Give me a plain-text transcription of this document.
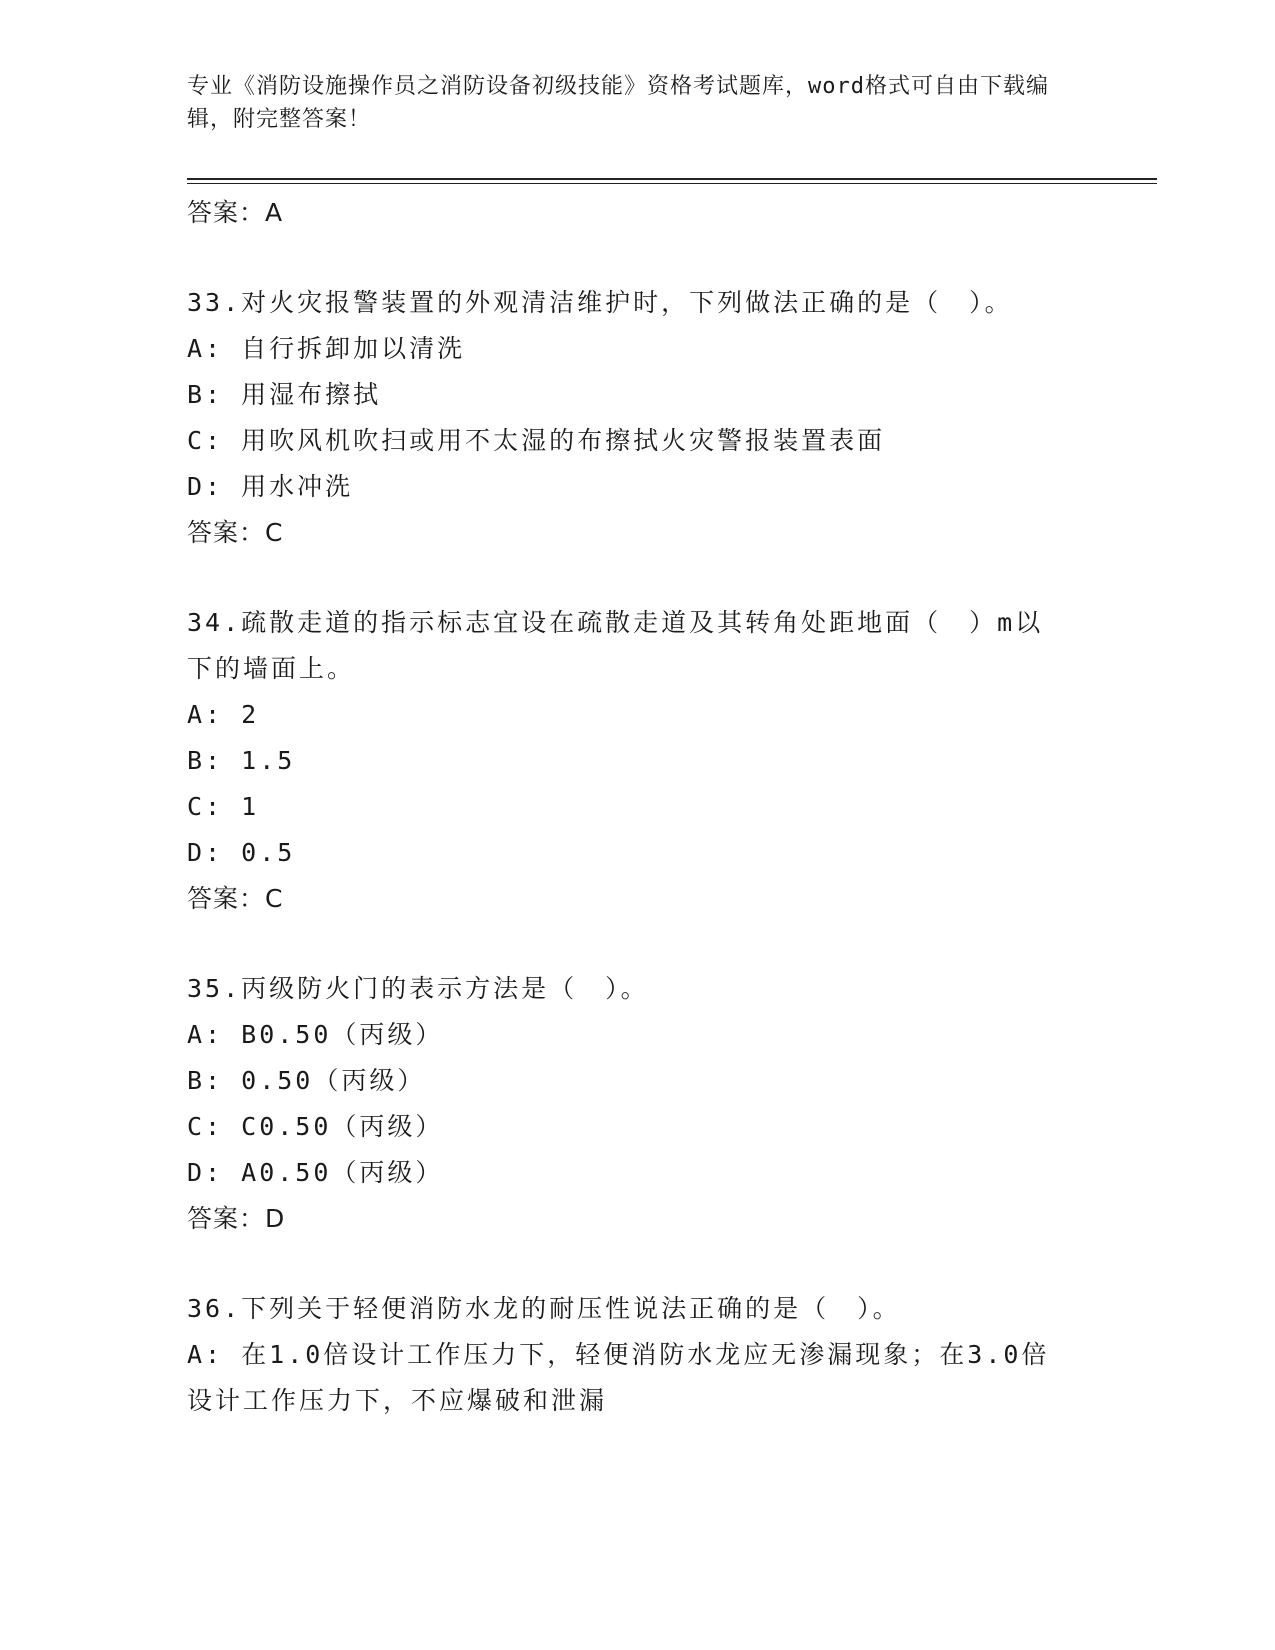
专业《消防设施操作员之消防设备初级技能》资格考试题库，word格式可自由下载编辑，附完整答案！
答案：A
33.对火灾报警装置的外观清洁维护时，下列做法正确的是（　）。
A: 自行拆卸加以清洗
B: 用湿布擦拭
C: 用吹风机吹扫或用不太湿的布擦拭火灾警报装置表面
D: 用水冲洗
答案：C
34.疏散走道的指示标志宜设在疏散走道及其转角处距地面（　）m以下的墙面上。
A: 2
B: 1.5
C: 1
D: 0.5
答案：C
35.丙级防火门的表示方法是（　）。
A: B0.50（丙级）
B: 0.50（丙级）
C: C0.50（丙级）
D: A0.50（丙级）
答案：D
36.下列关于轻便消防水龙的耐压性说法正确的是（　）。
A: 在1.0倍设计工作压力下，轻便消防水龙应无渗漏现象；在3.0倍设计工作压力下，不应爆破和泄漏
